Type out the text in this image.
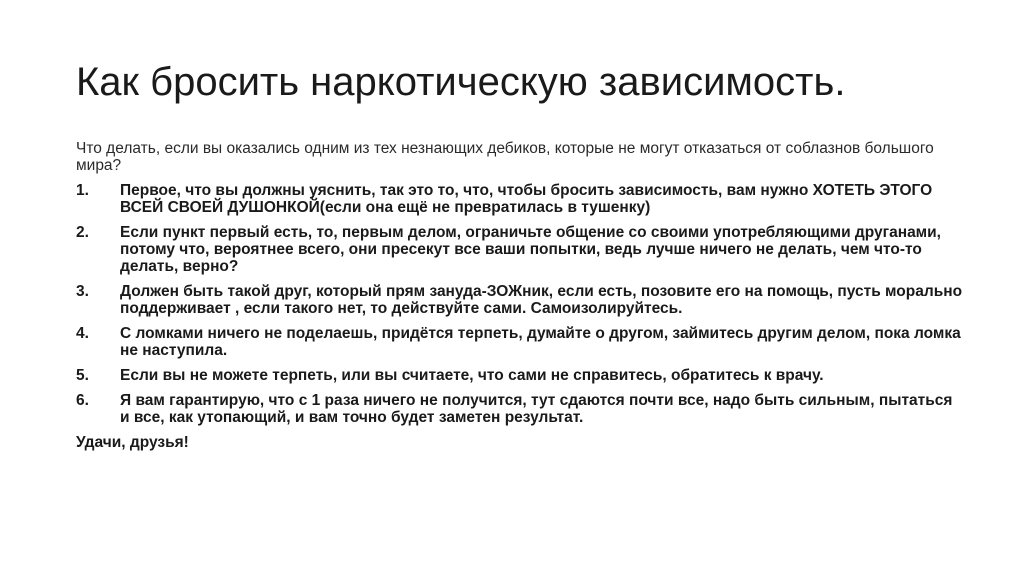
Как бросить наркотическую зависимость.

Что делать, если вы оказались одним из тех незнающих дебиков, которые не могут отказаться от соблазнов большого мира?

1.	Первое, что вы должны уяснить, так это то, что, чтобы бросить зависимость, вам нужно ХОТЕТЬ ЭТОГО ВСЕЙ СВОЕЙ ДУШОНКОЙ(если она ещё не превратилась в тушенку)
2.	Если пункт первый есть, то, первым делом, ограничьте общение со своими употребляющими друганами, потому что, вероятнее всего, они пресекут все ваши попытки, ведь лучше ничего не делать, чем что-то делать, верно?
3.	Должен быть такой друг, который прям зануда-ЗОЖник, если есть, позовите его на помощь, пусть морально поддерживает , если такого нет, то действуйте сами. Самоизолируйтесь.
4.	С ломками ничего не поделаешь, придётся терпеть, думайте о другом, займитесь другим делом, пока ломка не наступила.
5.	Если вы не можете терпеть, или вы считаете, что сами не справитесь, обратитесь к врачу.
6.	Я вам гарантирую, что с 1 раза ничего не получится, тут сдаются почти все, надо быть сильным, пытаться и все, как утопающий, и вам точно будет заметен результат.

Удачи, друзья!
